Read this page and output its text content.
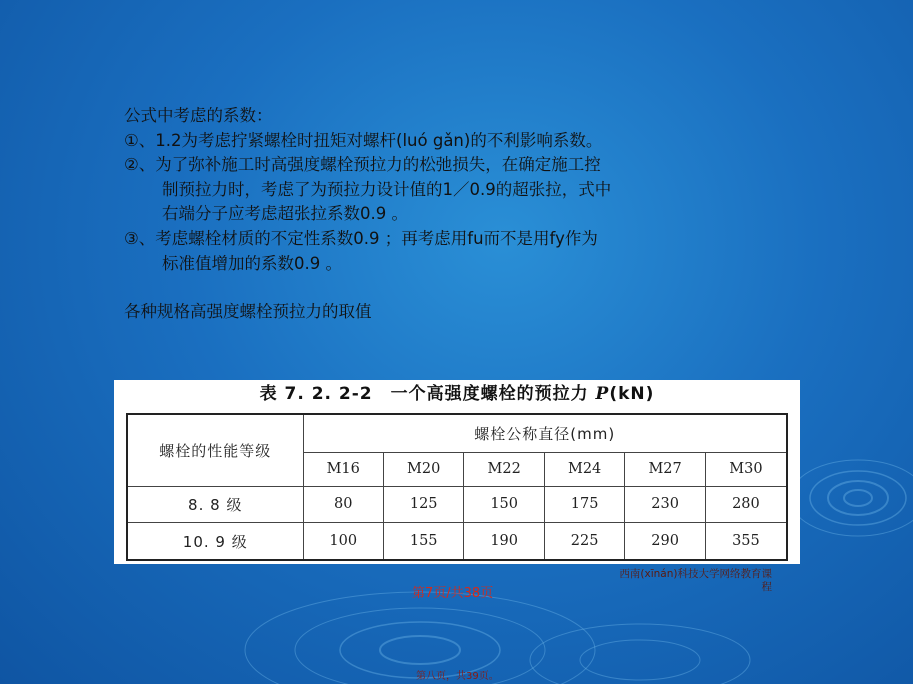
公式中考虑的系数：
①、1.2为考虑拧紧螺栓时扭矩对螺杆(luó gǎn)的不利影响系数。
②、为了弥补施工时高强度螺栓预拉力的松弛损失，在确定施工控
制预拉力时，考虑了为预拉力设计值的1／0.9的超张拉，式中
右端分子应考虑超张拉系数0.9 。
③、考虑螺栓材质的不定性系数0.9 ；再考虑用fu而不是用fy作为
标准值增加的系数0.9 。
各种规格高强度螺栓预拉力的取值
表 7. 2. 2-2　一个高强度螺栓的预拉力 P(kN)
螺栓的性能等级	螺栓公称直径(mm)					
	M16	M20	M22	M24	M27	M30
8. 8 级	80	125	150	175	230	280
10. 9 级	100	155	190	225	290	355
第7页/共38页
西南(xīnán)科技大学网络教育课
程
第八页，共39页。
